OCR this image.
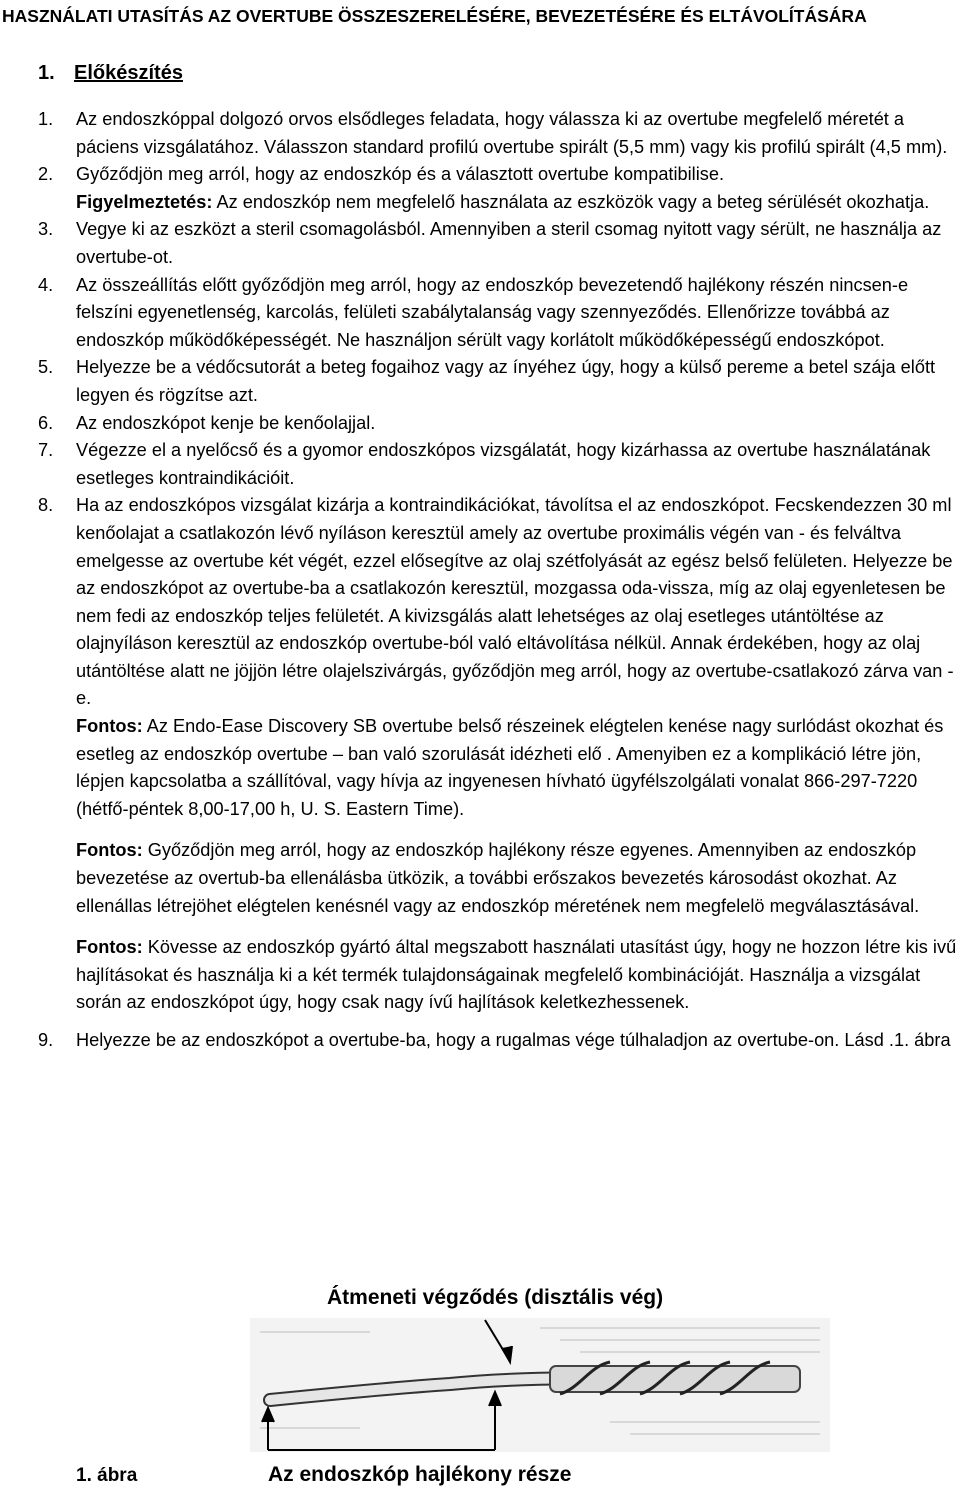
HASZNÁLATI UTASÍTÁS AZ OVERTUBE ÖSSZESZERELÉSÉRE, BEVEZETÉSÉRE ÉS ELTÁVOLÍTÁSÁRA
1. Előkészítés
1.	Az endoszkóppal dolgozó orvos elsődleges feladata, hogy válassza ki az overtube megfelelő méretét a páciens vizsgálatához. Válasszon standard profilú overtube spirált (5,5 mm) vagy kis profilú spirált (4,5 mm).

2.	Győződjön meg arról, hogy az endoszkóp és a választott overtube kompatibilise.

Figyelmeztetés: Az endoszkóp nem megfelelő használata az eszközök vagy a beteg sérülését okozhatja.

3.	Vegye ki az eszközt a steril csomagolásból. Amennyiben a steril csomag nyitott vagy sérült, ne használja az overtube-ot.

4.	Az összeállítás előtt győződjön meg arról, hogy az endoszkóp bevezetendő hajlékony részén nincsen-e felszíni egyenetlenség, karcolás, felületi szabálytalanság vagy szennyeződés. Ellenőrizze továbbá az endoszkóp működőképességét. Ne használjon sérült vagy korlátolt működőképességű endoszkópot.

5.	Helyezze be a védőcsutorát a beteg fogaihoz vagy az ínyéhez úgy, hogy a külső pereme a betel szája előtt legyen és rögzítse azt.

6.	Az endoszkópot kenje be kenőolajjal.

7.	Végezze el a nyelőcső és a gyomor endoszkópos vizsgálatát, hogy kizárhassa az overtube használatának esetleges kontraindikációit.

8.	Ha az endoszkópos vizsgálat kizárja a kontraindikációkat, távolítsa el az endoszkópot. Fecskendezzen 30 ml kenőolajat a csatlakozón lévő nyíláson keresztül amely az overtube proximális végén van - és felváltva emelgesse az overtube két végét, ezzel elősegítve az olaj szétfolyását az egész belső felületen. Helyezze be az endoszkópot az overtube-ba a csatlakozón keresztül, mozgassa oda-vissza, míg az olaj egyenletesen be nem fedi az endoszkóp teljes felületét. A kivizsgálás alatt lehetséges az olaj esetleges utántöltése az olajnyíláson keresztül az endoszkóp overtube-ból való eltávolítása nélkül. Annak érdekében, hogy az olaj utántöltése alatt ne jöjjön létre olajelszivárgás, győződjön meg arról, hogy az overtube-csatlakozó zárva van -e.

Fontos: Az Endo-Ease Discovery SB overtube belső részeinek elégtelen kenése nagy surlódást okozhat és esetleg az endoszkóp overtube – ban való szorulását idézheti elő . Amenyiben ez a komplikáció létre jön, lépjen kapcsolatba a szállítóval, vagy hívja az ingyenesen hívható ügyfélszolgálati vonalat 866-297-7220 (hétfő-péntek 8,00-17,00 h, U. S. Eastern Time).

Fontos: Győződjön meg arról, hogy az endoszkóp hajlékony része egyenes. Amennyiben az endoszkóp bevezetése az overtub-ba ellenálásba ütközik, a további erőszakos bevezetés károsodást okozhat. Az ellenállas létrejöhet elégtelen kenésnél vagy az endoszkóp méretének nem megfelelö megválasztásával.

Fontos: Kövesse az endoszkóp gyártó által megszabott használati utasítást úgy, hogy ne hozzon létre kis ivű hajlításokat és használja ki a két termék tulajdonságainak megfelelő kombinációját. Használja a vizsgálat során az endoszkópot úgy, hogy csak nagy ívű hajlítások keletkezhessenek.

9.	Helyezze be az endoszkópot a overtube-ba, hogy a rugalmas vége túlhaladjon az overtube-on. Lásd .1. ábra

Átmeneti végződés (disztális vég)
1. ábra	Az endoszkóp hajlékony része
